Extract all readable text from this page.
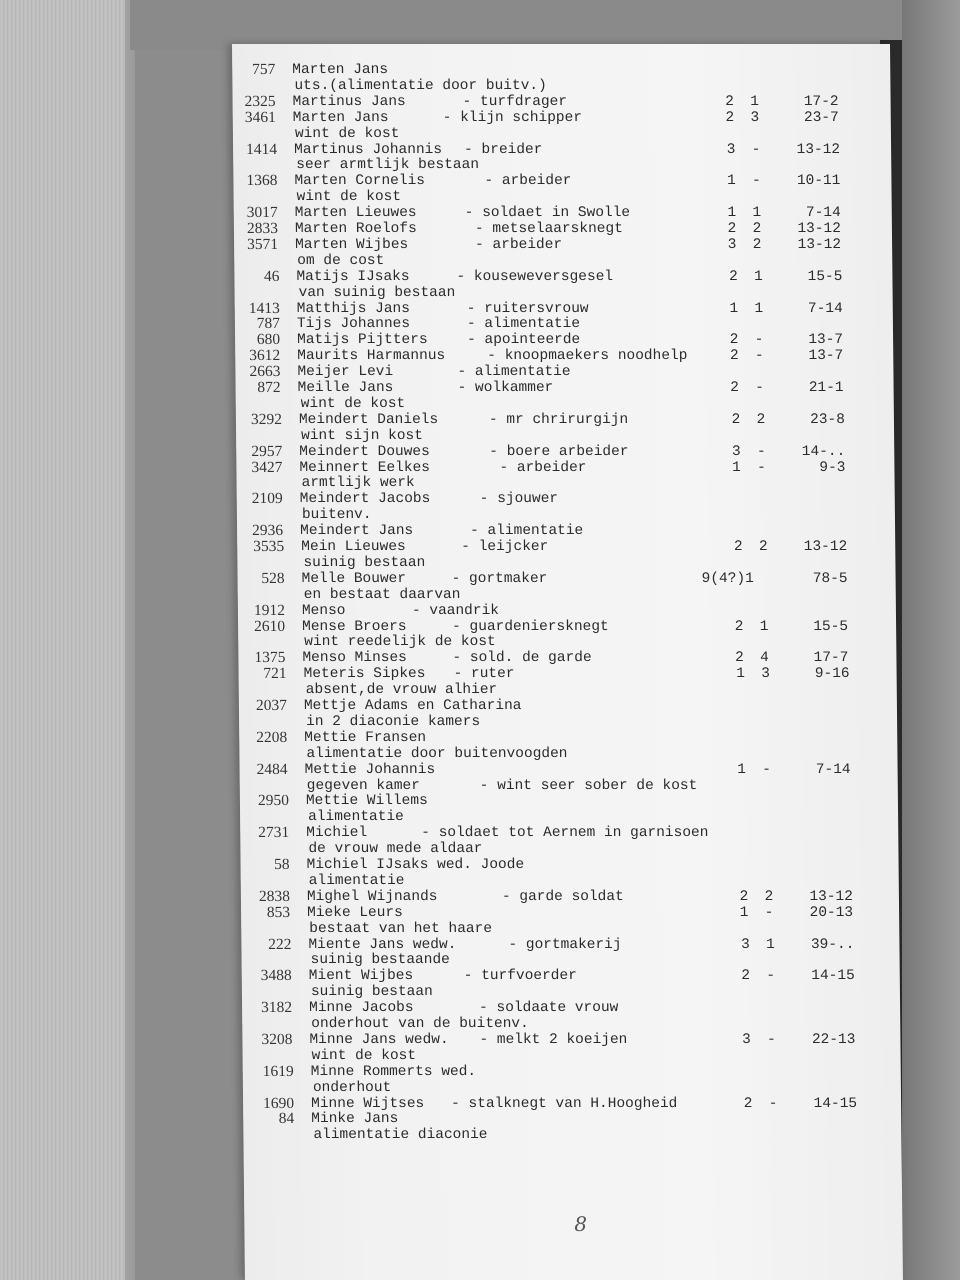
757 Marten Jans
uts.(alimentatie door buitv.)
2325 Martinus Jans	- turfdrager	2	1	17-2
3461 Marten Jans	- klijn schipper	2	3	23-7
wint de kost
1414 Martinus Johannis - breider	3	-	13-12
seer armtlijk bestaan
1368 Marten Cornelis	- arbeider	1	-	10-11
wint de kost
3017 Marten Lieuwes	- soldaet in Swolle	1	1	7-14
2833 Marten Roelofs	- metselaarsknegt	2	2	13-12
3571 Marten Wijbes	- arbeider	3	2	13-12
om de cost
46 Matijs IJsaks	- kouseweversgesel	2	1	15-5
van suinig bestaan
1413 Matthijs Jans	- ruitersvrouw	1	1	7-14
787 Tijs Johannes	- alimentatie
680 Matijs Pijtters	- apointeerde	2	-	13-7
3612 Maurits Harmannus	- knoopmaekers noodhelp	2	-	13-7
2663 Meijer Levi	- alimentatie
872 Meille Jans	- wolkammer	2	-	21-1
wint de kost
3292 Meindert Daniels	- mr chrirurgijn	2	2	23-8
wint sijn kost
2957 Meindert Douwes	- boere arbeider	3	-	14-..
3427 Meinnert Eelkes	- arbeider	1	-	9-3
armtlijk werk
2109 Meindert Jacobs	- sjouwer
buitenv.
2936 Meindert Jans	- alimentatie
3535 Mein Lieuwes	- leijcker	2	2	13-12
suinig bestaan
528 Melle Bouwer	- gortmaker	9(4?)1	78-5
en bestaat daarvan
1912 Menso	- vaandrik
2610 Mense Broers	- guardeniersknegt	2	1	15-5
wint reedelijk de kost
1375 Menso Minses	- sold. de garde	2	4	17-7
721 Meteris Sipkes - ruter	1	3	9-16
absent,de vrouw alhier
2037 Mettje Adams en Catharina
in 2 diaconie kamers
2208 Mettie Fransen
alimentatie door buitenvoogden
2484 Mettie Johannis	1	-	7-14
gegeven kamer	- wint seer sober de kost
2950 Mettie Willems
alimentatie
2731 Michiel	- soldaet tot Aernem in garnisoen
de vrouw mede aldaar
58 Michiel IJsaks wed. Joode
alimentatie
2838 Mighel Wijnands	- garde soldat	2	2	13-12
853 Mieke Leurs	1	-	20-13
bestaat van het haare
222 Miente Jans wedw.	- gortmakerij	3	1	39-..
suinig bestaande
3488 Mient Wijbes	- turfvoerder	2	-	14-15
suinig bestaan
3182 Minne Jacobs	- soldaate vrouw
onderhout van de buitenv.
3208 Minne Jans wedw. - melkt 2 koeijen	3	-	22-13
wint de kost
1619 Minne Rommerts wed.
onderhout
1690 Minne Wijtses - stalknegt van H.Hoogheid	2	-	14-15
84 Minke Jans
alimentatie diaconie
8
